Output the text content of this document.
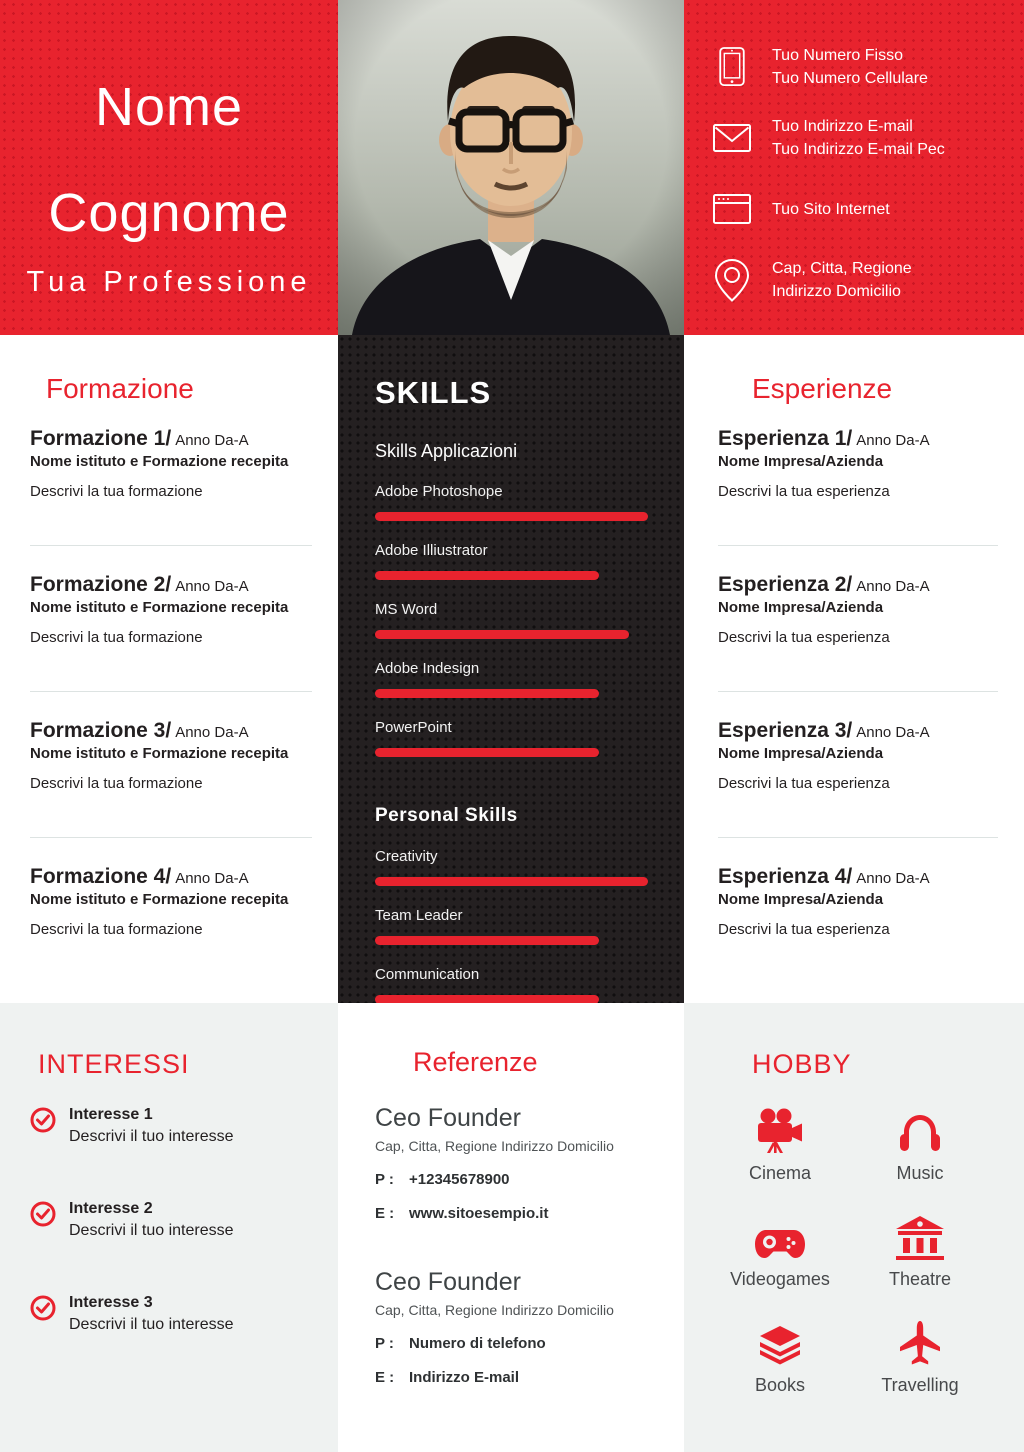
Nome
Cognome
Tua Professione
Tuo Numero Fisso
Tuo Numero Cellulare
Tuo Indirizzo E-mail
Tuo Indirizzo E-mail Pec
Tuo Sito Internet
Cap, Citta, Regione
Indirizzo Domicilio
Formazione
Formazione 1/ Anno Da-A
Nome istituto e Formazione recepita
Descrivi la tua formazione
Formazione 2/ Anno Da-A
Nome istituto e Formazione recepita
Descrivi la tua formazione
Formazione 3/ Anno Da-A
Nome istituto e Formazione recepita
Descrivi la tua formazione
Formazione 4/ Anno Da-A
Nome istituto e Formazione recepita
Descrivi la tua formazione
SKILLS
Skills Applicazioni
Adobe Photoshope
Adobe Illiustrator
MS Word
Adobe Indesign
PowerPoint
Personal Skills
Creativity
Team Leader
Communication
Esperienze
Esperienza 1/ Anno Da-A
Nome Impresa/Azienda
Descrivi la tua esperienza
Esperienza 2/ Anno Da-A
Nome Impresa/Azienda
Descrivi la tua esperienza
Esperienza 3/ Anno Da-A
Nome Impresa/Azienda
Descrivi la tua esperienza
Esperienza 4/ Anno Da-A
Nome Impresa/Azienda
Descrivi la tua esperienza
INTERESSI
Interesse 1
Descrivi il tuo interesse
Interesse 2
Descrivi il tuo interesse
Interesse 3
Descrivi il tuo interesse
Referenze
Ceo Founder
Cap, Citta, Regione Indirizzo Domicilio
P : +12345678900
E : www.sitoesempio.it
Ceo Founder
Cap, Citta, Regione Indirizzo Domicilio
P : Numero di telefono
E : Indirizzo E-mail
HOBBY
Cinema	Music
Videogames	Theatre
Books	Travelling
